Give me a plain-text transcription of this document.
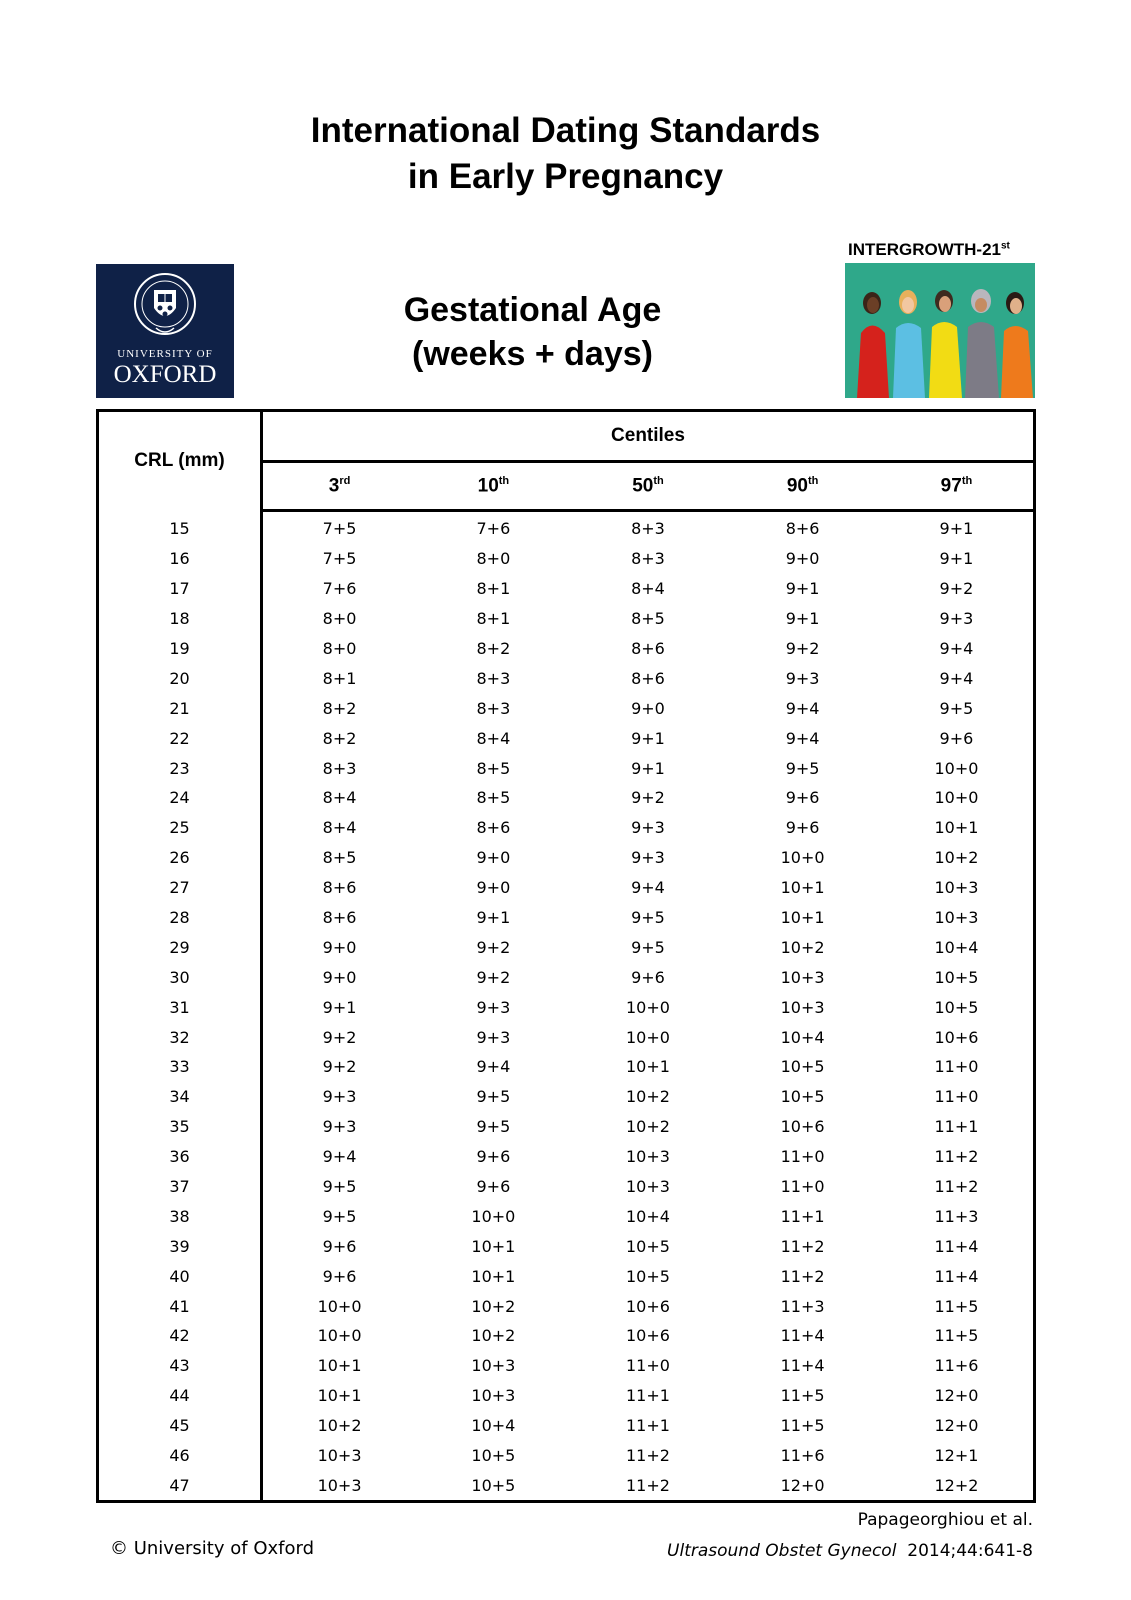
International Dating Standards
in Early Pregnancy
INTERGROWTH-21st
UNIVERSITY OF
OXFORD
Gestational Age
(weeks + days)
CRL (mm)	Centiles				
	3rd	10th	50th	90th	97th
15	7+5	7+6	8+3	8+6	9+1
16	7+5	8+0	8+3	9+0	9+1
17	7+6	8+1	8+4	9+1	9+2
18	8+0	8+1	8+5	9+1	9+3
19	8+0	8+2	8+6	9+2	9+4
20	8+1	8+3	8+6	9+3	9+4
21	8+2	8+3	9+0	9+4	9+5
22	8+2	8+4	9+1	9+4	9+6
23	8+3	8+5	9+1	9+5	10+0
24	8+4	8+5	9+2	9+6	10+0
25	8+4	8+6	9+3	9+6	10+1
26	8+5	9+0	9+3	10+0	10+2
27	8+6	9+0	9+4	10+1	10+3
28	8+6	9+1	9+5	10+1	10+3
29	9+0	9+2	9+5	10+2	10+4
30	9+0	9+2	9+6	10+3	10+5
31	9+1	9+3	10+0	10+3	10+5
32	9+2	9+3	10+0	10+4	10+6
33	9+2	9+4	10+1	10+5	11+0
34	9+3	9+5	10+2	10+5	11+0
35	9+3	9+5	10+2	10+6	11+1
36	9+4	9+6	10+3	11+0	11+2
37	9+5	9+6	10+3	11+0	11+2
38	9+5	10+0	10+4	11+1	11+3
39	9+6	10+1	10+5	11+2	11+4
40	9+6	10+1	10+5	11+2	11+4
41	10+0	10+2	10+6	11+3	11+5
42	10+0	10+2	10+6	11+4	11+5
43	10+1	10+3	11+0	11+4	11+6
44	10+1	10+3	11+1	11+5	12+0
45	10+2	10+4	11+1	11+5	12+0
46	10+3	10+5	11+2	11+6	12+1
47	10+3	10+5	11+2	12+0	12+2
Papageorghiou et al.
Ultrasound Obstet Gynecol 2014;44:641-8
© University of Oxford
